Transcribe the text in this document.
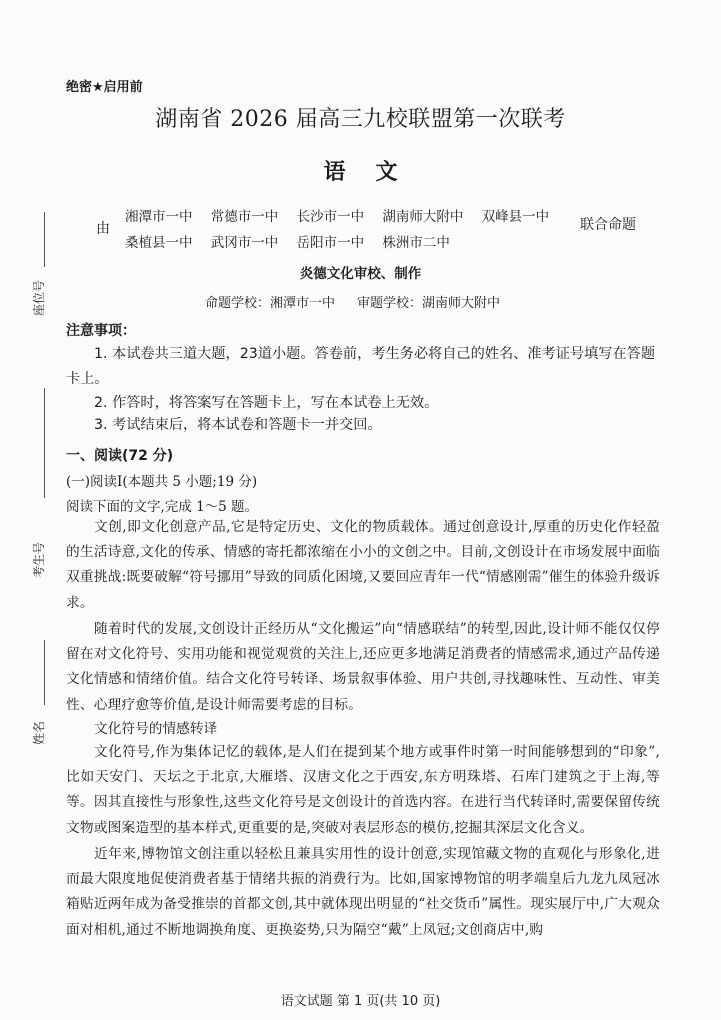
座位号
考生号
姓名
绝密★启用前
湖南省 2026 届高三九校联盟第一次联考
语文
由
湘潭市一中 常德市一中 长沙市一中 湖南师大附中 双峰县一中
桑植县一中 武冈市一中 岳阳市一中 株洲市二中
联合命题
炎德文化审校、制作
命题学校：湘潭市一中 审题学校：湖南师大附中
注意事项：
1. 本试卷共三道大题，23道小题。答卷前，考生务必将自己的姓名、准考证号填写在答题卡上。
2. 作答时，将答案写在答题卡上，写在本试卷上无效。
3. 考试结束后，将本试卷和答题卡一并交回。
一、阅读(72 分)
(一)阅读Ⅰ(本题共 5 小题;19 分)
阅读下面的文字,完成 1～5 题。
文创,即文化创意产品,它是特定历史、文化的物质载体。通过创意设计,厚重的历史化作轻盈的生活诗意,文化的传承、情感的寄托都浓缩在小小的文创之中。目前,文创设计在市场发展中面临双重挑战:既要破解“符号挪用”导致的同质化困境,又要回应青年一代“情感刚需”催生的体验升级诉求。
随着时代的发展,文创设计正经历从“文化搬运”向“情感联结”的转型,因此,设计师不能仅仅停留在对文化符号、实用功能和视觉观赏的关注上,还应更多地满足消费者的情感需求,通过产品传递文化情感和情绪价值。结合文化符号转译、场景叙事体验、用户共创,寻找趣味性、互动性、审美性、心理疗愈等价值,是设计师需要考虑的目标。
文化符号的情感转译
文化符号,作为集体记忆的载体,是人们在提到某个地方或事件时第一时间能够想到的“印象”,比如天安门、天坛之于北京,大雁塔、汉唐文化之于西安,东方明珠塔、石库门建筑之于上海,等等。因其直接性与形象性,这些文化符号是文创设计的首选内容。在进行当代转译时,需要保留传统文物或图案造型的基本样式,更重要的是,突破对表层形态的模仿,挖掘其深层文化含义。
近年来,博物馆文创注重以轻松且兼具实用性的设计创意,实现馆藏文物的直观化与形象化,进而最大限度地促使消费者基于情绪共振的消费行为。比如,国家博物馆的明孝端皇后九龙九凤冠冰箱贴近两年成为备受推崇的首都文创,其中就体现出明显的“社交货币”属性。现实展厅中,广大观众面对相机,通过不断地调换角度、更换姿势,只为隔空“戴”上凤冠;文创商店中,购
语文试题 第 1 页(共 10 页)
